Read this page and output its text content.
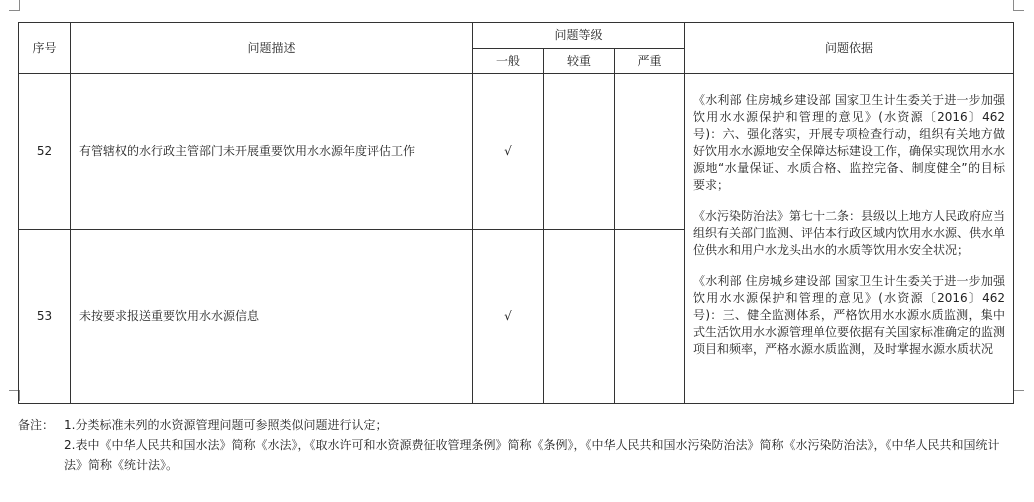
序号	问题描述	问题等级			问题依据
		一般	较重	严重	
52	有管辖权的水行政主管部门未开展重要饮用水水源年度评估工作	√			《水利部 住房城乡建设部 国家卫生计生委关于进一步加强饮用水水源保护和管理的意见》(水资源〔2016〕462号)：六、强化落实，开展专项检查行动，组织有关地方做好饮用水水源地安全保障达标建设工作，确保实现饮用水水源地“水量保证、水质合格、监控完备、制度健全”的目标要求；

《水污染防治法》第七十二条：县级以上地方人民政府应当组织有关部门监测、评估本行政区域内饮用水水源、供水单位供水和用户水龙头出水的水质等饮用水安全状况；

《水利部 住房城乡建设部 国家卫生计生委关于进一步加强饮用水水源保护和管理的意见》(水资源〔2016〕462号)：三、健全监测体系，严格饮用水水源水质监测，集中式生活饮用水水源管理单位要依据有关国家标准确定的监测项目和频率，严格水源水质监测，及时掌握水源水质状况

53	未按要求报送重要饮用水水源信息	√			
备注： 1.分类标准未列的水资源管理问题可参照类似问题进行认定；
2.表中《中华人民共和国水法》简称《水法》，《取水许可和水资源费征收管理条例》简称《条例》，《中华人民共和国水污染防治法》简称《水污染防治法》，《中华人民共和国统计法》简称《统计法》。
